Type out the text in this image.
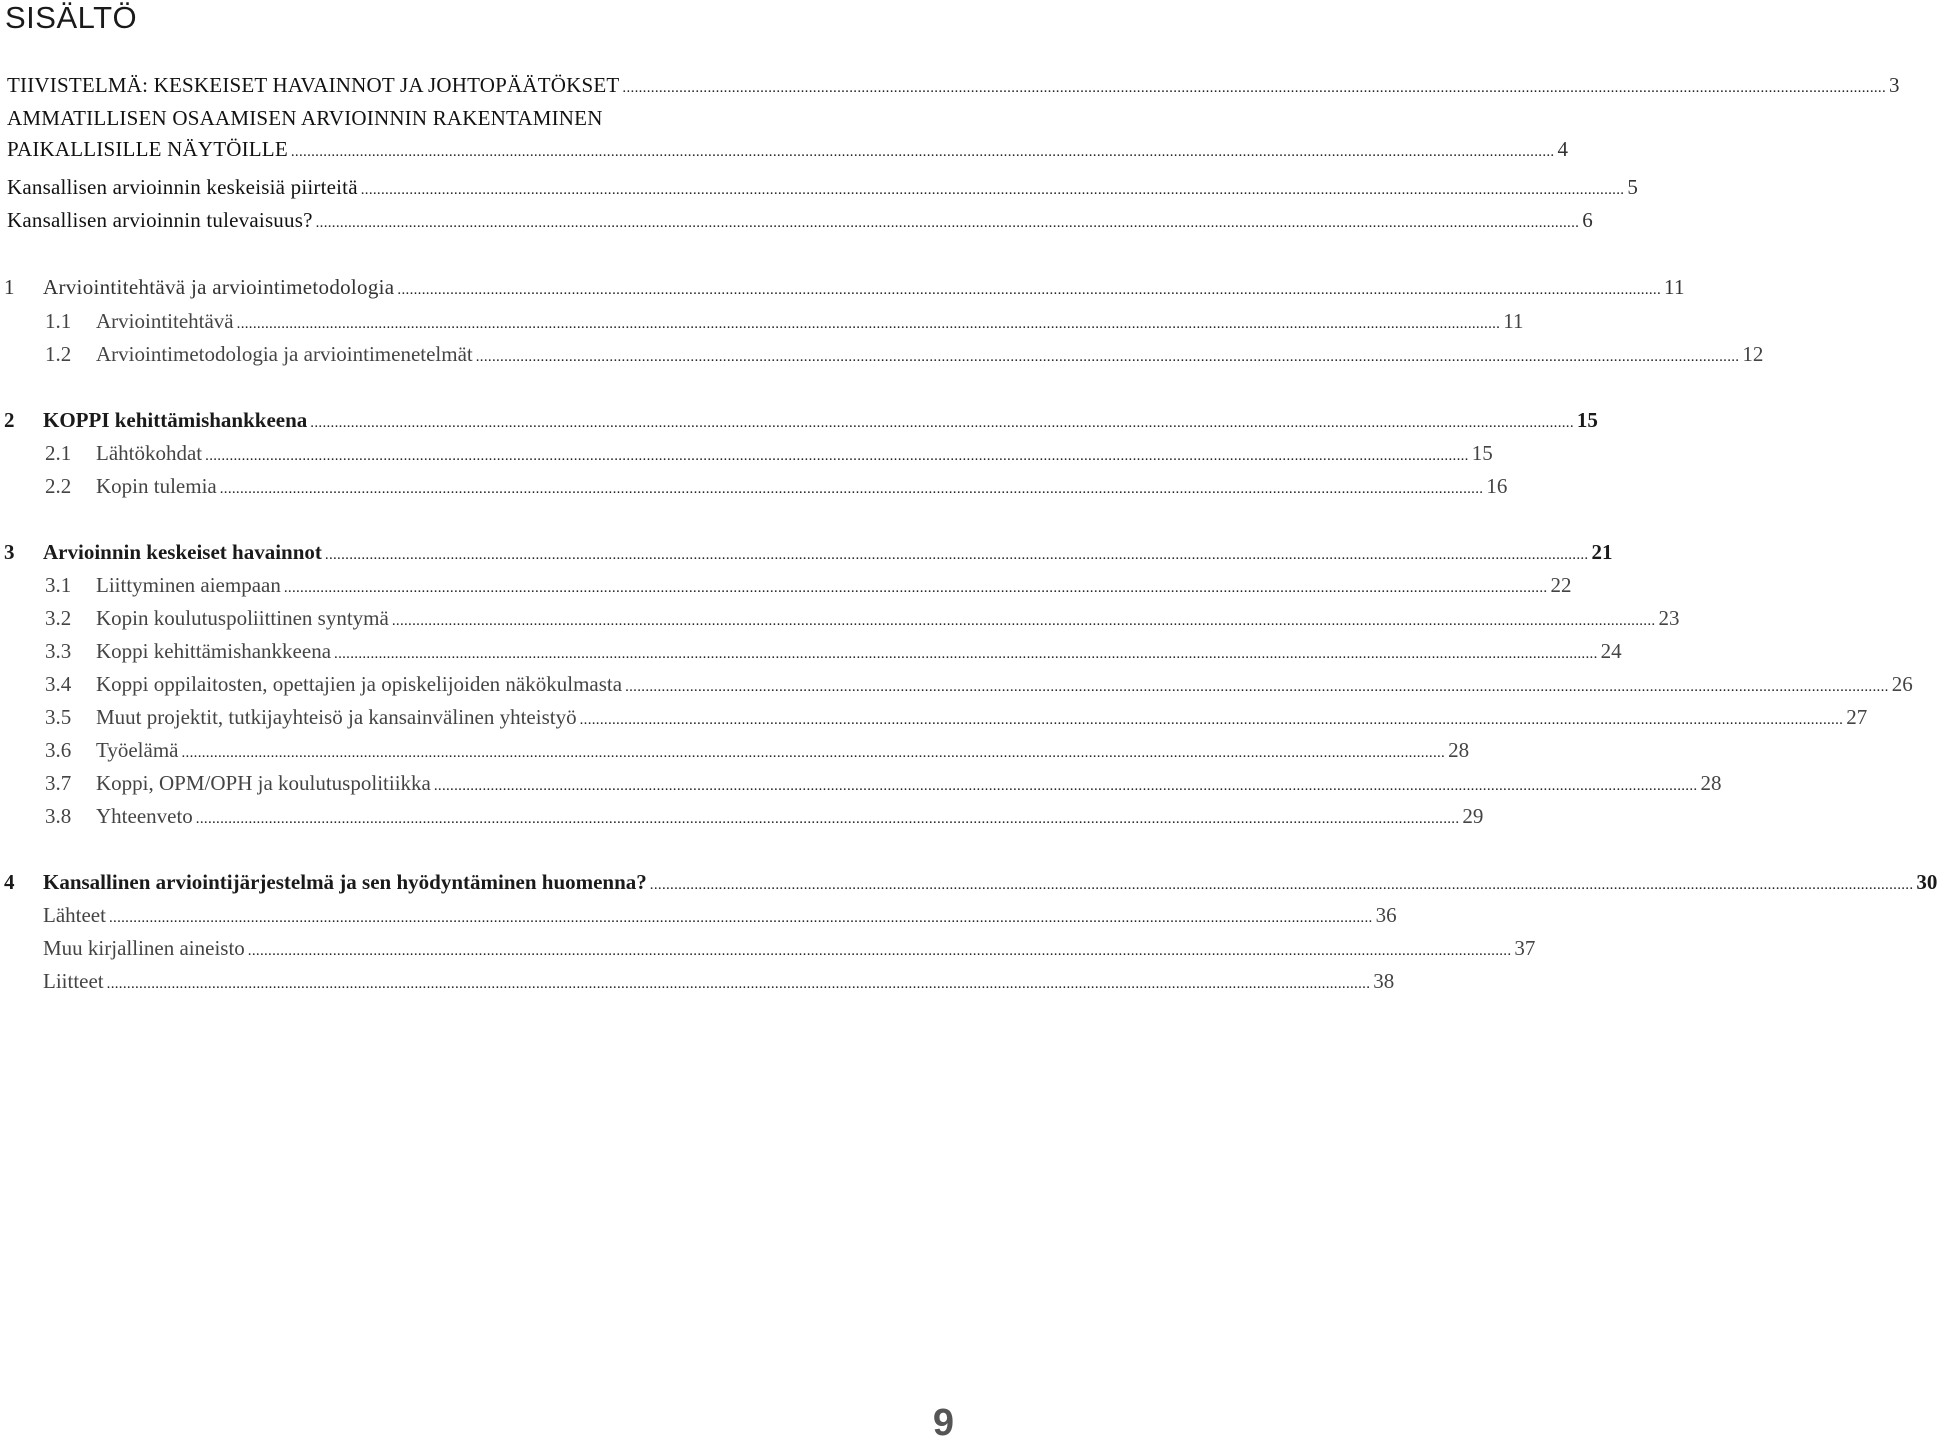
SISÄLTÖ
TIIVISTELMÄ: KESKEISET HAVAINNOT JA JOHTOPÄÄTÖKSET .....	3
AMMATILLISEN OSAAMISEN ARVIOINNIN RAKENTAMINEN
PAIKALLISILLE NÄYTÖILLE .....	4
Kansallisen arvioinnin keskeisiä piirteitä .....	5
Kansallisen arvioinnin tulevaisuus? .....	6
1	Arviointitehtävä ja arviointimetodologia .....	11
1.1	Arviointitehtävä .....	11
1.2	Arviointimetodologia ja arviointimenetelmät .....	12
2	KOPPI kehittämishankkeena .....	15
2.1	Lähtökohdat .....	15
2.2	Kopin tulemia .....	16
3	Arvioinnin keskeiset havainnot .....	21
3.1	Liittyminen aiempaan .....	22
3.2	Kopin koulutuspoliittinen syntymä .....	23
3.3	Koppi kehittämishankkeena .....	24
3.4	Koppi oppilaitosten, opettajien ja opiskelijoiden näkökulmasta .....	26
3.5	Muut projektit, tutkijayhteisö ja kansainvälinen yhteistyö .....	27
3.6	Työelämä .....	28
3.7	Koppi, OPM/OPH ja koulutuspolitiikka .....	28
3.8	Yhteenveto .....	29
4	Kansallinen arviointijärjestelmä ja sen hyödyntäminen huomenna? .....	30
Lähteet .....	36
Muu kirjallinen aineisto .....	37
Liitteet .....	38
9
